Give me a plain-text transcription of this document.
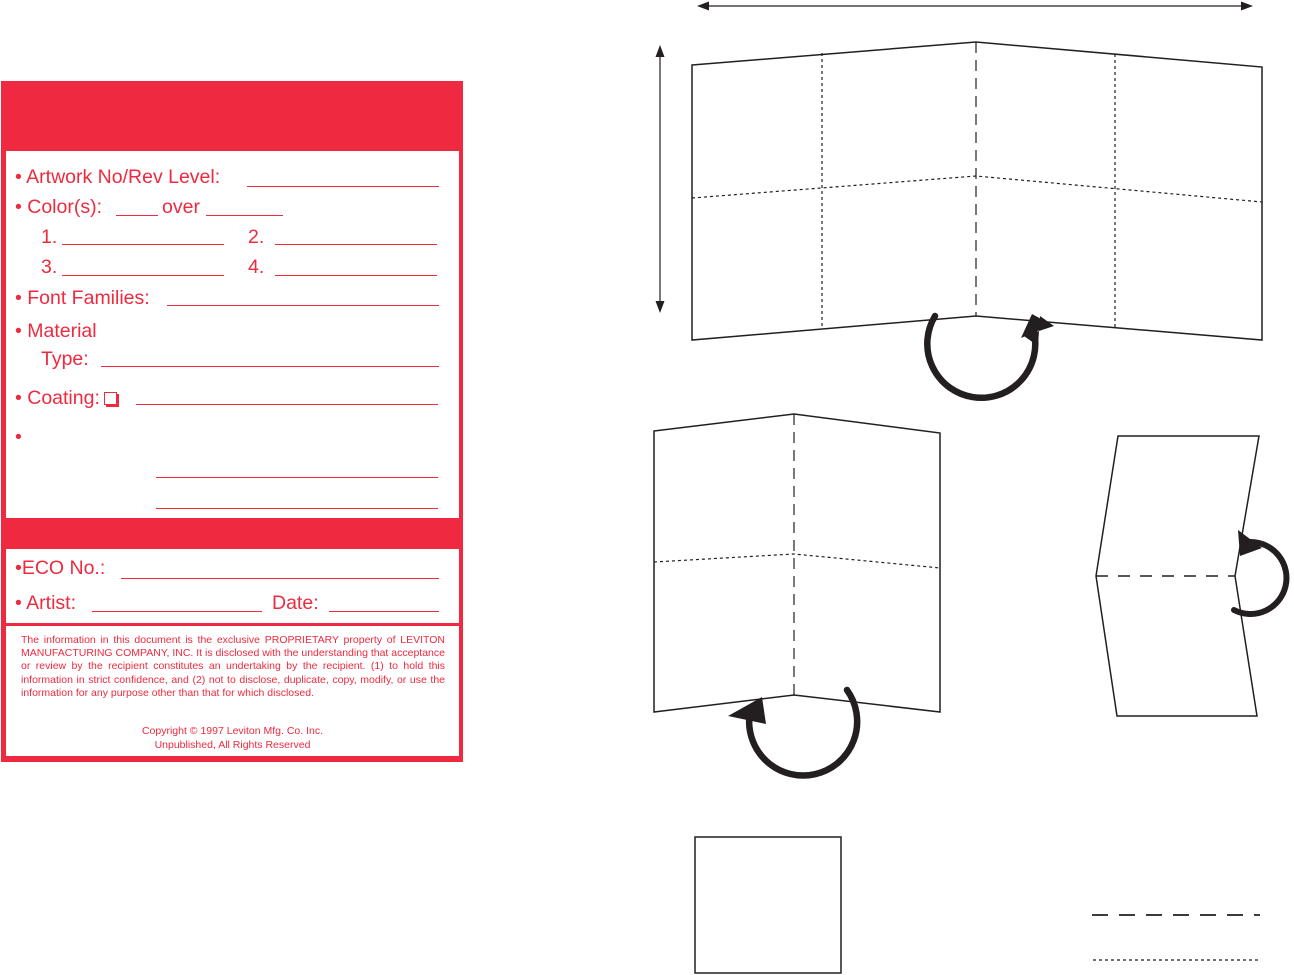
• Artwork No/Rev Level:
• Color(s):	over
1.	2.
3.	4.
• Font Families:
• Material
Type:
• Coating:
•
•ECO No.:
• Artist:	Date:
The information in this document is the exclusive PROPRIETARY property of LEVITON MANUFACTURING COMPANY, INC. It is disclosed with the understanding that acceptance or review by the recipient constitutes an undertaking by the recipient. (1) to hold this information in strict confidence, and (2) not to disclose, duplicate, copy, modify, or use the information for any purpose other than that for which disclosed.
Copyright © 1997 Leviton Mfg. Co. Inc.
Unpublished, All Rights Reserved
